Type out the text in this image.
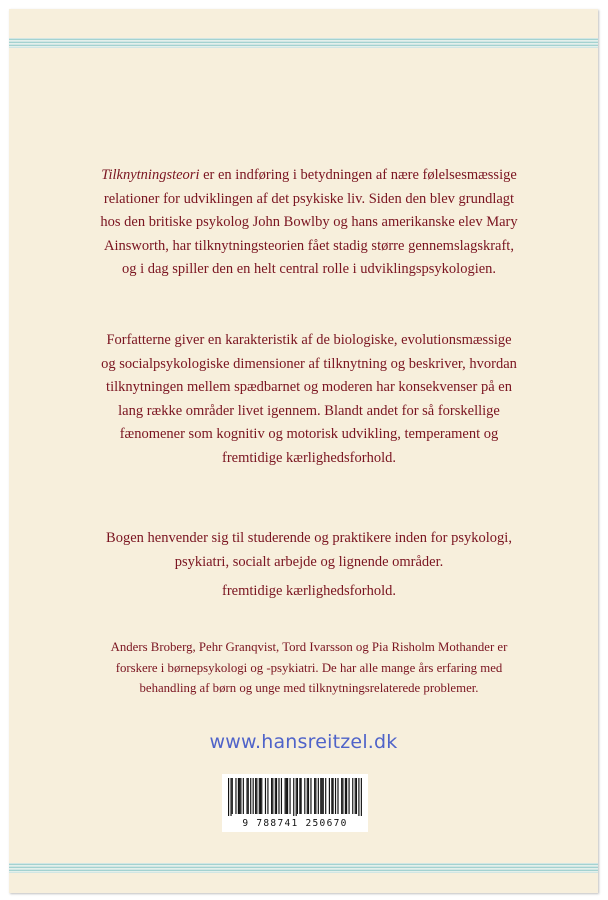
Tilknytningsteori er en indføring i betydningen af nære følelsesmæssige
relationer for udviklingen af det psykiske liv. Siden den blev grundlagt
hos den britiske psykolog John Bowlby og hans amerikanske elev Mary
Ainsworth, har tilknytningsteorien fået stadig større gennemslagskraft,
og i dag spiller den en helt central rolle i udviklingspsykologien.
Forfatterne giver en karakteristik af de biologiske, evolutionsmæssige
og socialpsykologiske dimensioner af tilknytning og beskriver, hvordan
tilknytningen mellem spædbarnet og moderen har konsekvenser på en
lang række områder livet igennem. Blandt andet for så forskellige
fænomener som kognitiv og motorisk udvikling, temperament og
fremtidige kærlighedsforhold.
Bogen henvender sig til studerende og praktikere inden for psykologi,
psykiatri, socialt arbejde og lignende områder.
fremtidige kærlighedsforhold.
Anders Broberg, Pehr Granqvist, Tord Ivarsson og Pia Risholm Mothander er
forskere i børnepsykologi og -psykiatri. De har alle mange års erfaring med
behandling af børn og unge med tilknytningsrelaterede problemer.
www.hansreitzel.dk
9 788741 250670
